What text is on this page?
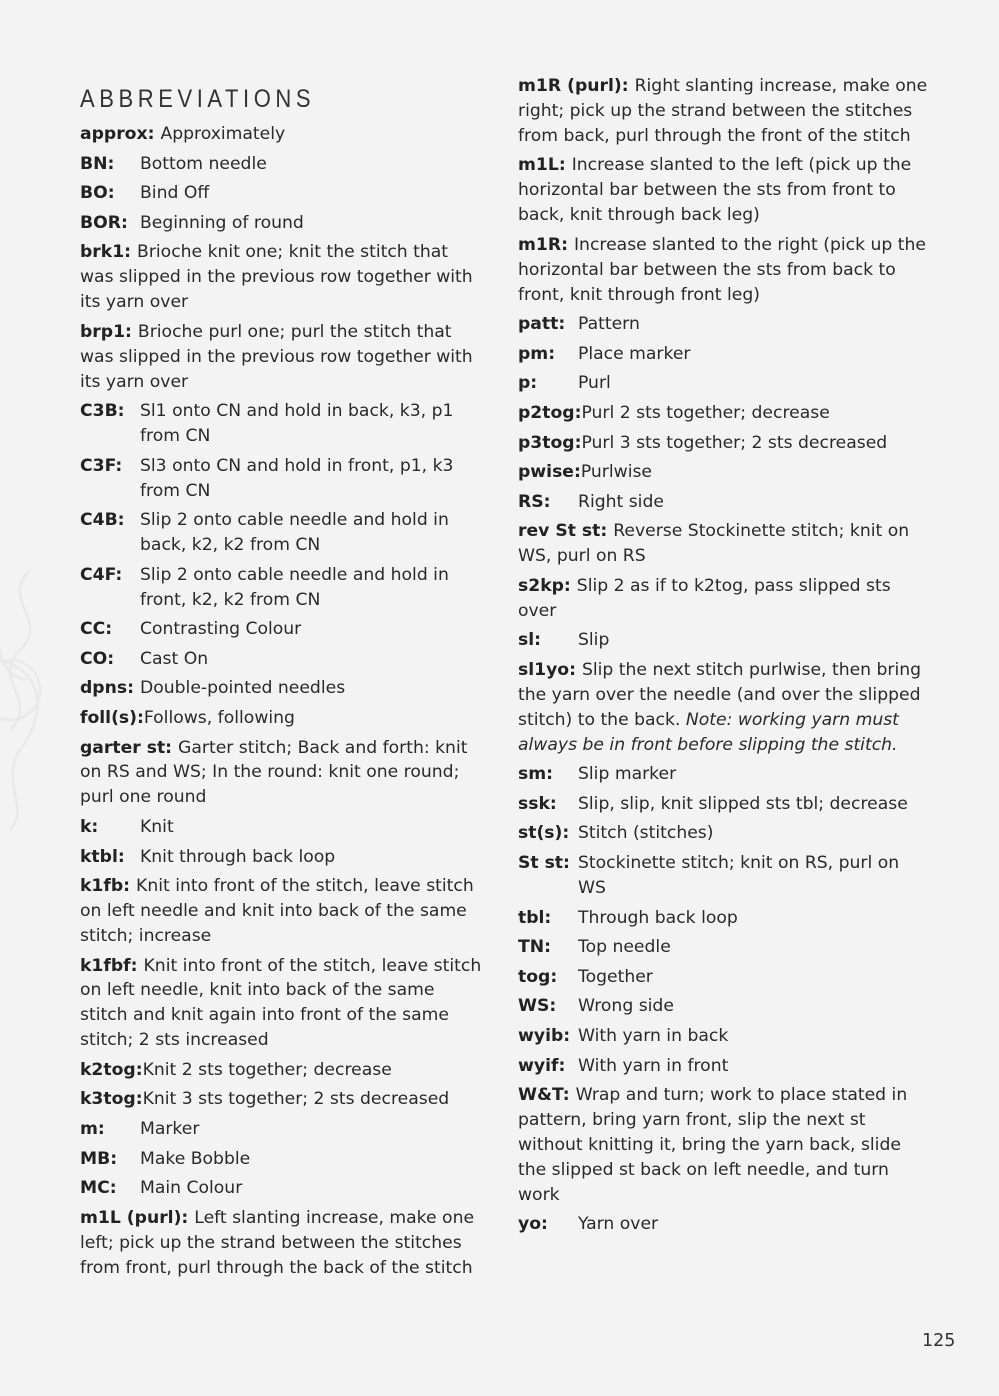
ABBREVIATIONS
approx: Approximately
BN:	Bottom needle
BO:	Bind Off
BOR: Beginning of round
brk1: Brioche knit one; knit the stitch that was slipped in the previous row together with its yarn over
brp1: Brioche purl one; purl the stitch that was slipped in the previous row together with its yarn over
C3B: Sl1 onto CN and hold in back, k3, p1 from CN
C3F:	Sl3 onto CN and hold in front, p1, k3 from CN
C4B: Slip 2 onto cable needle and hold in back, k2, k2 from CN
C4F:	Slip 2 onto cable needle and hold in front, k2, k2 from CN
CC:	Contrasting Colour
CO:	Cast On
dpns: Double-pointed needles
foll(s): Follows, following
garter st: Garter stitch; Back and forth: knit on RS and WS; In the round: knit one round; purl one round
k:	Knit
ktbl: Knit through back loop
k1fb: Knit into front of the stitch, leave stitch on left needle and knit into back of the same stitch; increase
k1fbf: Knit into front of the stitch, leave stitch on left needle, knit into back of the same stitch and knit again into front of the same stitch; 2 sts increased
k2tog: Knit 2 sts together; decrease
k3tog: Knit 3 sts together; 2 sts decreased
m:	Marker
MB:	Make Bobble
MC:	Main Colour
m1L (purl): Left slanting increase, make one left; pick up the strand between the stitches from front, purl through the back of the stitch
m1R (purl): Right slanting increase, make one right; pick up the strand between the stitches from back, purl through the front of the stitch
m1L: Increase slanted to the left (pick up the horizontal bar between the sts from front to back, knit through back leg)
m1R: Increase slanted to the right (pick up the horizontal bar between the sts from back to front, knit through front leg)
patt: Pattern
pm:	Place marker
p:	Purl
p2tog: Purl 2 sts together; decrease
p3tog: Purl 3 sts together; 2 sts decreased
pwise: Purlwise
RS:	Right side
rev St st: Reverse Stockinette stitch; knit on WS, purl on RS
s2kp: Slip 2 as if to k2tog, pass slipped sts over
sl:	Slip
sl1yo: Slip the next stitch purlwise, then bring the yarn over the needle (and over the slipped stitch) to the back. Note: working yarn must always be in front before slipping the stitch.
sm:	Slip marker
ssk:	Slip, slip, knit slipped sts tbl; decrease
st(s): Stitch (stitches)
St st: Stockinette stitch; knit on RS, purl on WS
tbl:	Through back loop
TN:	Top needle
tog:	Together
WS:	Wrong side
wyib: With yarn in back
wyif: With yarn in front
W&T: Wrap and turn; work to place stated in pattern, bring yarn front, slip the next st without knitting it, bring the yarn back, slide the slipped st back on left needle, and turn work
yo:	Yarn over
125
